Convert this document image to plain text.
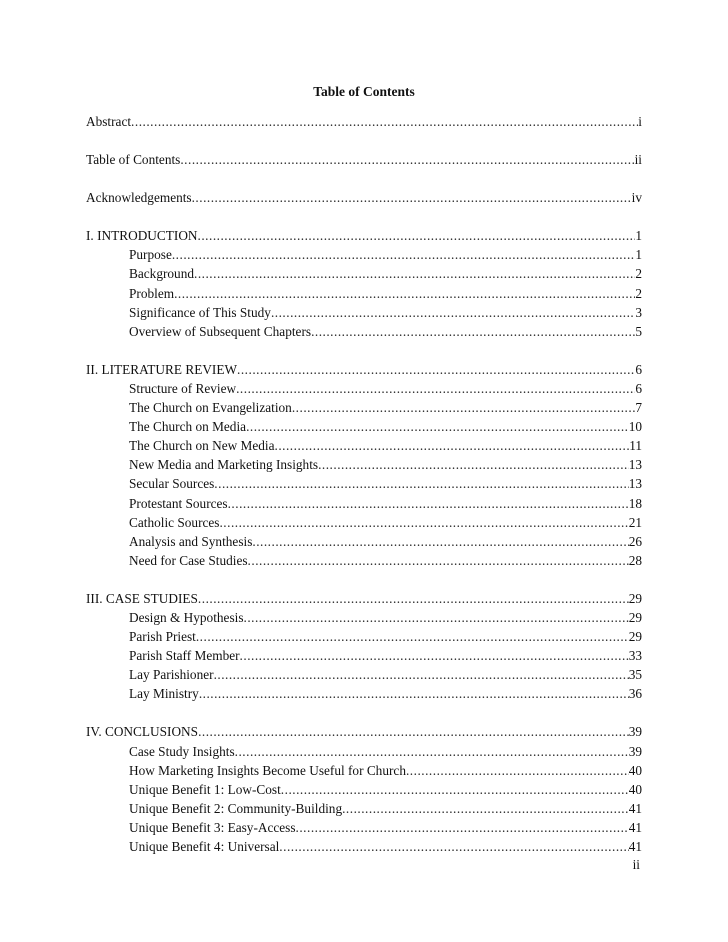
Table of Contents
Abstract .....	i
Table of Contents .....	ii
Acknowledgements .....	iv
I. INTRODUCTION .....	1
Purpose .....	1
Background .....	2
Problem .....	2
Significance of This Study .....	3
Overview of Subsequent Chapters .....	5
II. LITERATURE REVIEW .....	6
Structure of Review .....	6
The Church on Evangelization .....	7
The Church on Media .....	10
The Church on New Media .....	11
New Media and Marketing Insights .....	13
Secular Sources .....	13
Protestant Sources .....	18
Catholic Sources .....	21
Analysis and Synthesis .....	26
Need for Case Studies .....	28
III. CASE STUDIES .....	29
Design & Hypothesis .....	29
Parish Priest .....	29
Parish Staff Member .....	33
Lay Parishioner .....	35
Lay Ministry .....	36
IV. CONCLUSIONS .....	39
Case Study Insights .....	39
How Marketing Insights Become Useful for Church .....	40
Unique Benefit 1: Low-Cost .....	40
Unique Benefit 2: Community-Building .....	41
Unique Benefit 3: Easy-Access .....	41
Unique Benefit 4: Universal .....	41
ii
